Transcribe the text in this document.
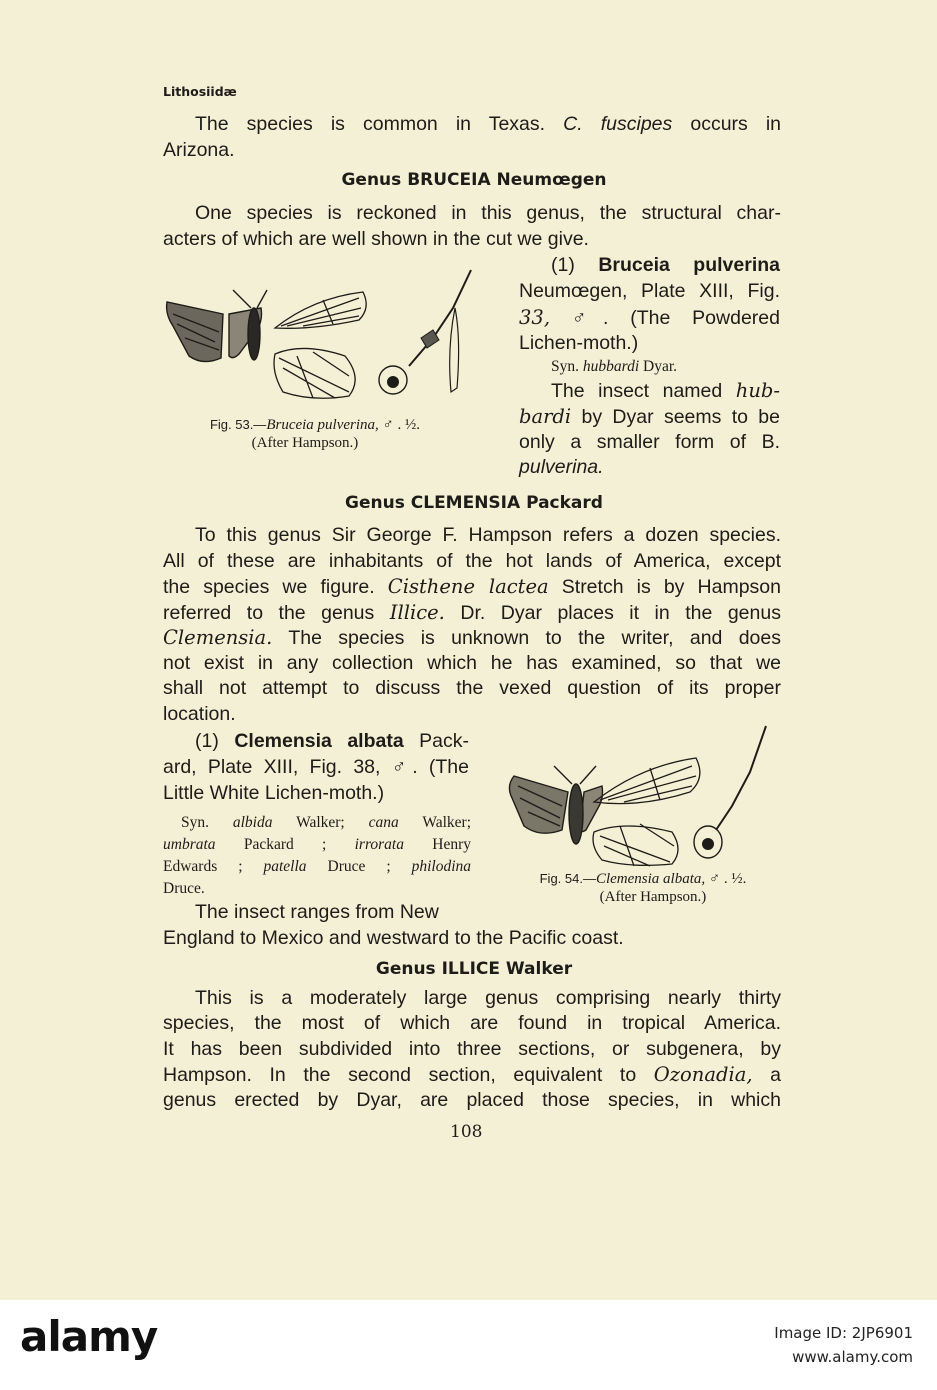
Lithosiidæ
The species is common in Texas. C. fuscipes occurs in
Arizona.
Genus BRUCEIA Neumœgen
One species is reckoned in this genus, the structural char-
acters of which are well shown in the cut we give.
(1) Bruceia pulverina
Neumœgen, Plate XIII, Fig.
33, ♂. (The Powdered
Lichen-moth.)
Syn. hubbardi Dyar.
The insect named hub-
bardi by Dyar seems to be
only a smaller form of B.
pulverina.
Fig. 53.—Bruceia pulverina, ♂ . ½.
(After Hampson.)
Genus CLEMENSIA Packard
To this genus Sir George F. Hampson refers a dozen species.
All of these are inhabitants of the hot lands of America, except
the species we figure. Cisthene lactea Stretch is by Hampson
referred to the genus Illice. Dr. Dyar places it in the genus
Clemensia. The species is unknown to the writer, and does
not exist in any collection which he has examined, so that we
shall not attempt to discuss the vexed question of its proper
location.
(1) Clemensia albata Pack-
ard, Plate XIII, Fig. 38, ♂. (The
Little White Lichen-moth.)
Syn. albida Walker; cana Walker;
umbrata Packard ; irrorata Henry
Edwards ; patella Druce ; philodina
Druce.
The insect ranges from New
England to Mexico and westward to the Pacific coast.
Fig. 54.—Clemensia albata, ♂ . ½.
(After Hampson.)
Genus ILLICE Walker
This is a moderately large genus comprising nearly thirty
species, the most of which are found in tropical America.
It has been subdivided into three sections, or subgenera, by
Hampson. In the second section, equivalent to Ozonadia, a
genus erected by Dyar, are placed those species, in which
108
alamy	Image ID: 2JP6901
www.alamy.com
